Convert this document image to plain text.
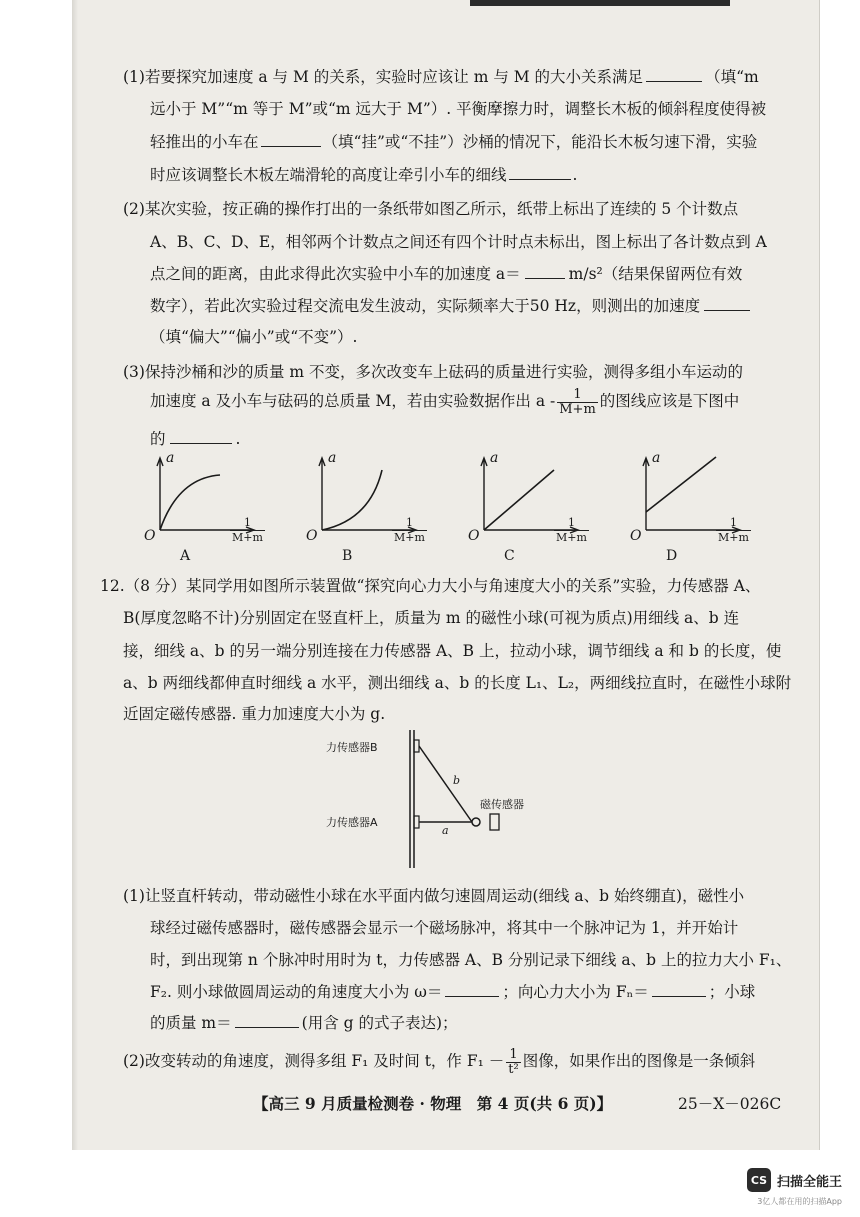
(1)若要探究加速度 a 与 M 的关系，实验时应该让 m 与 M 的大小关系满足	（填“m
远小于 M”“m 等于 M”或“m 远大于 M”）. 平衡摩擦力时，调整长木板的倾斜程度使得被
轻推出的小车在	（填“挂”或“不挂”）沙桶的情况下，能沿长木板匀速下滑，实验
时应该调整长木板左端滑轮的高度让牵引小车的细线	.
(2)某次实验，按正确的操作打出的一条纸带如图乙所示，纸带上标出了连续的 5 个计数点
A、B、C、D、E，相邻两个计数点之间还有四个计时点未标出，图上标出了各计数点到 A
点之间的距离，由此求得此次实验中小车的加速度 a＝	m/s²（结果保留两位有效
数字），若此次实验过程交流电发生波动，实际频率大于50 Hz，则测出的加速度
（填“偏大”“偏小”或“不变”）.
(3)保持沙桶和沙的质量 m 不变，多次改变车上砝码的质量进行实验，测得多组小车运动的
加速度 a 及小车与砝码的总质量 M，若由实验数据作出 a - $\frac{1}{M+m}$ 的图线应该是下图中
的	.
a
O	$\frac{1}{M+m}$
A
a
O	$\frac{1}{M+m}$
B
a
O	$\frac{1}{M+m}$
C
a
O	$\frac{1}{M+m}$
D
12.（8 分）某同学用如图所示装置做“探究向心力大小与角速度大小的关系”实验，力传感器 A、
B(厚度忽略不计)分别固定在竖直杆上，质量为 m 的磁性小球(可视为质点)用细线 a、b 连
接，细线 a、b 的另一端分别连接在力传感器 A、B 上，拉动小球，调节细线 a 和 b 的长度，使
a、b 两细线都伸直时细线 a 水平，测出细线 a、b 的长度 L₁、L₂，两细线拉直时，在磁性小球附
近固定磁传感器. 重力加速度大小为 g.
力传感器B
力传感器A
磁传感器
b
a
(1)让竖直杆转动，带动磁性小球在水平面内做匀速圆周运动(细线 a、b 始终绷直)，磁性小
球经过磁传感器时，磁传感器会显示一个磁场脉冲，将其中一个脉冲记为 1，并开始计
时，到出现第 n 个脉冲时用时为 t，力传感器 A、B 分别记录下细线 a、b 上的拉力大小 F₁、
F₂. 则小球做圆周运动的角速度大小为 ω＝	；向心力大小为 Fₙ＝	；小球
的质量 m＝	(用含 g 的式子表达)；
(2)改变转动的角速度，测得多组 F₁ 及时间 t，作 $F_1 - \frac{1}{\text{t²}}$ 图像，如果作出的图像是一条倾斜
【高三 9 月质量检测卷 · 物理　第 4 页(共 6 页)】	25－X－026C
CS 扫描全能王
3亿人都在用的扫描App
